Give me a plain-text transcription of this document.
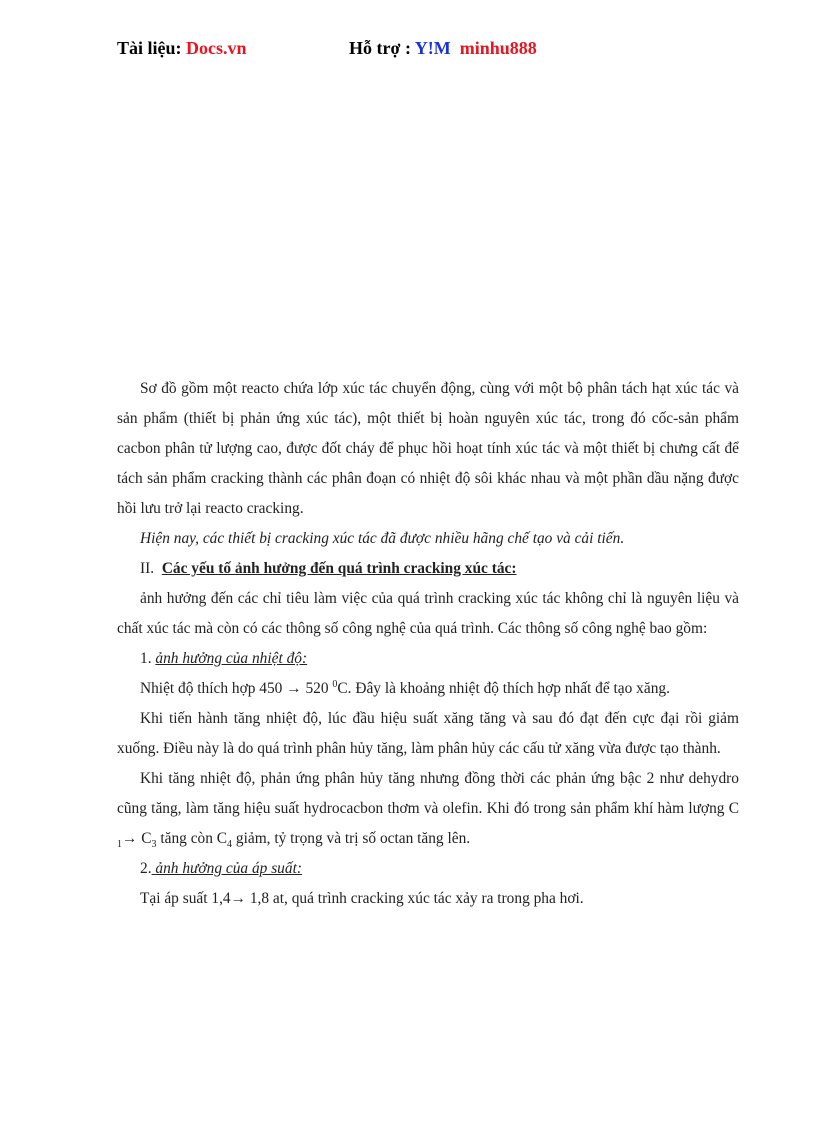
Tài liệu: Docs.vn	Hỗ trợ : Y!M minhu888

Sơ đồ gồm một reacto chứa lớp xúc tác chuyển động, cùng với một bộ phân tách hạt xúc tác và sản phẩm (thiết bị phản ứng xúc tác), một thiết bị hoàn nguyên xúc tác, trong đó cốc-sản phẩm cacbon phân tử lượng cao, được đốt cháy để phục hồi hoạt tính xúc tác và một thiết bị chưng cất để tách sản phẩm cracking thành các phân đoạn có nhiệt độ sôi khác nhau và một phần dầu nặng được hồi lưu trở lại reacto cracking.

Hiện nay, các thiết bị cracking xúc tác đã được nhiều hãng chế tạo và cải tiến.

II. Các yếu tố ảnh hưởng đến quá trình cracking xúc tác:

ảnh hưởng đến các chỉ tiêu làm việc của quá trình cracking xúc tác không chỉ là nguyên liệu và chất xúc tác mà còn có các thông số công nghệ của quá trình. Các thông số công nghệ bao gồm:

1. ảnh hưởng của nhiệt độ:

Nhiệt độ thích hợp 450 → 520 $^0$C. Đây là khoảng nhiệt độ thích hợp nhất để tạo xăng.

Khi tiến hành tăng nhiệt độ, lúc đầu hiệu suất xăng tăng và sau đó đạt đến cực đại rồi giảm xuống. Điều này là do quá trình phân hủy tăng, làm phân hủy các cấu tử xăng vừa được tạo thành.

Khi tăng nhiệt độ, phản ứng phân hủy tăng nhưng đồng thời các phản ứng bậc 2 như dehydro cũng tăng, làm tăng hiệu suất hydrocacbon thơm và olefin. Khi đó trong sản phẩm khí hàm lượng C $_1\to C_3$ tăng còn $C_4$ giảm, tỷ trọng và trị số octan tăng lên.

2. ảnh hưởng của áp suất:

Tại áp suất 1,4→ 1,8 at, quá trình cracking xúc tác xảy ra trong pha hơi.
